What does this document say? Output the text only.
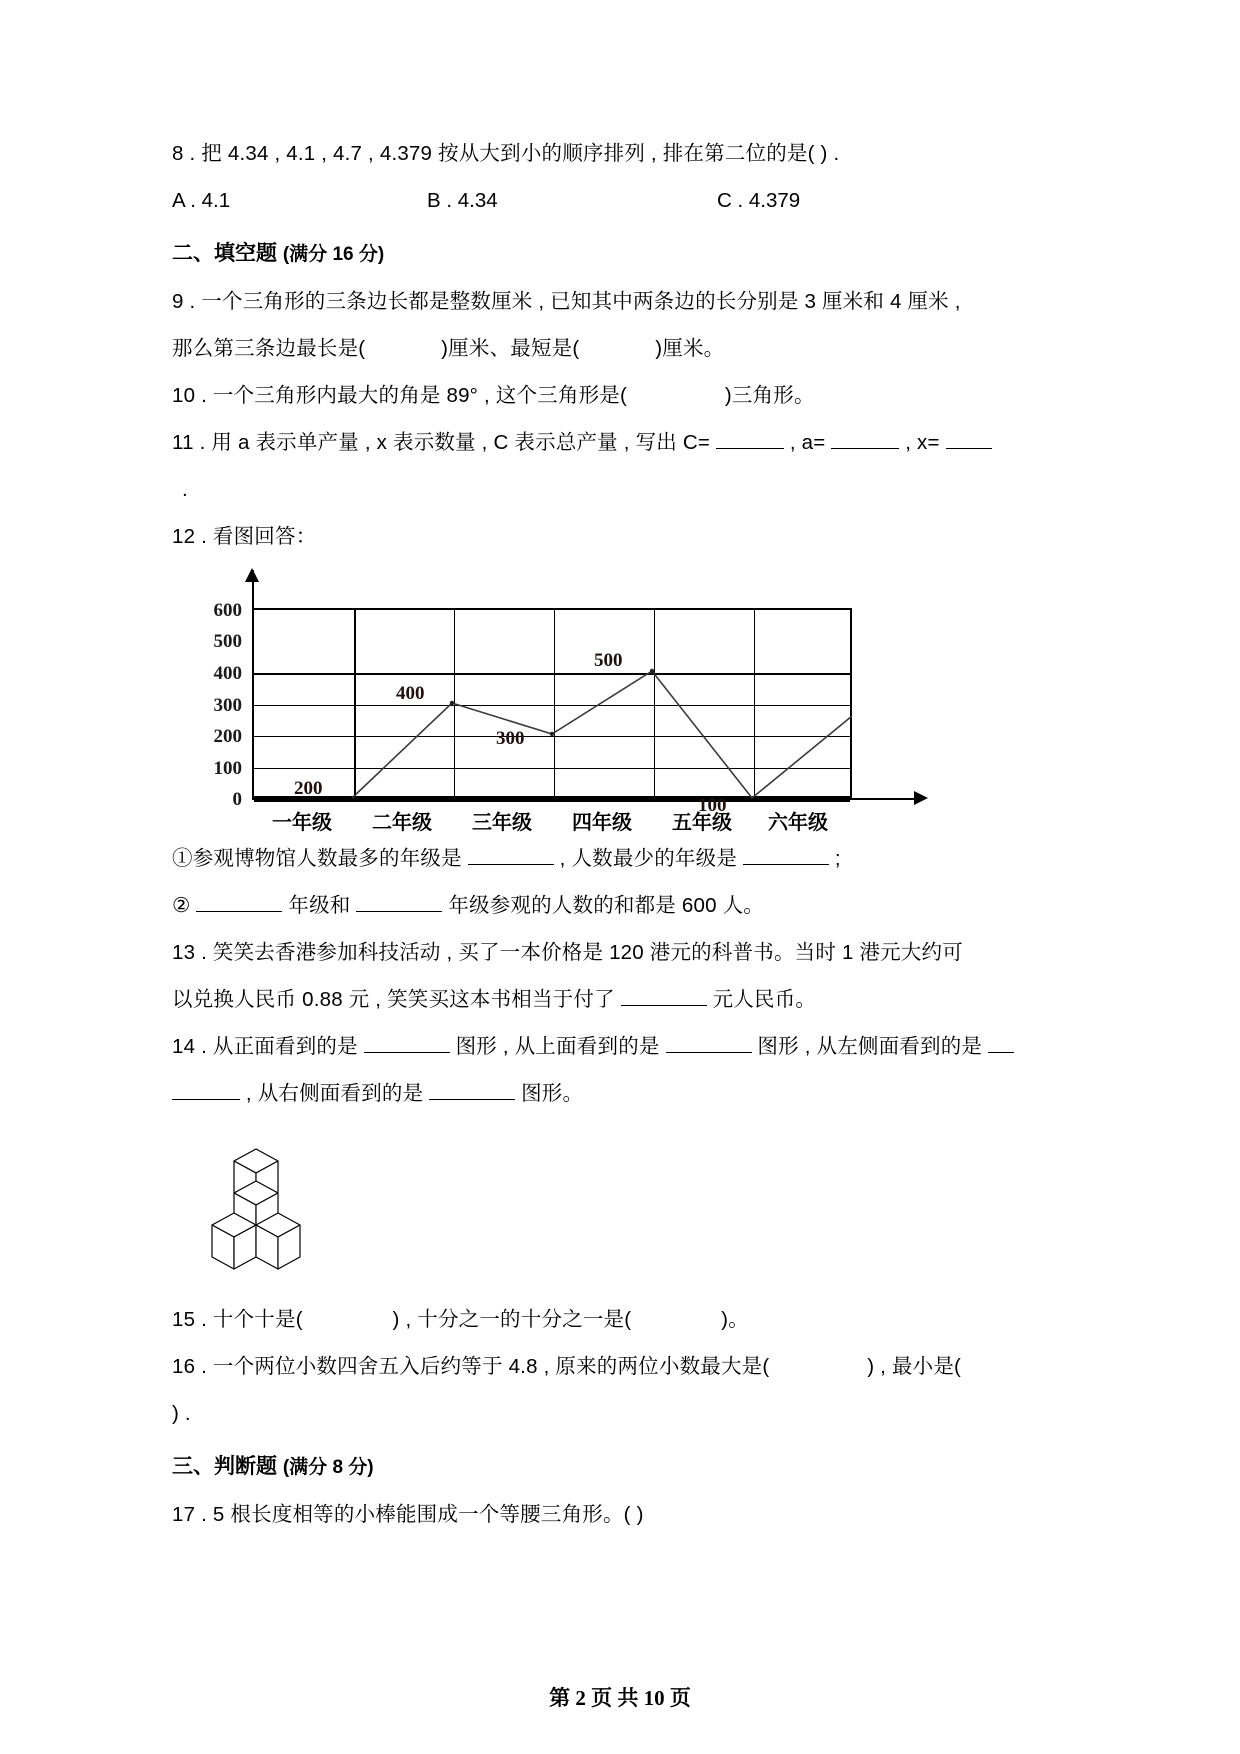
8 . 把 4.34 , 4.1 , 4.7 , 4.379 按从大到小的顺序排列 , 排在第二位的是( ) .
A . 4.1	B . 4.34	C . 4.379
二、填空题 (满分 16 分)
9 . 一个三角形的三条边长都是整数厘米 , 已知其中两条边的长分别是 3 厘米和 4 厘米 ,
那么第三条边最长是(	)厘米、最短是(	)厘米。
10 . 一个三角形内最大的角是 89° , 这个三角形是(	)三角形。
11 . 用 a 表示单产量 , x 表示数量 , C 表示总产量 , 写出 C=	, a=	, x=
.
12 . 看图回答：
600
500
400
300
200
100
0
200
400
300
500
100
一年级	二年级	三年级	四年级	五年级	六年级
①参观博物馆人数最多的年级是	, 人数最少的年级是	;
②	年级和	年级参观的人数的和都是 600 人。
13 . 笑笑去香港参加科技活动 , 买了一本价格是 120 港元的科普书。当时 1 港元大约可
以兑换人民币 0.88 元 , 笑笑买这本书相当于付了	元人民币。
14 . 从正面看到的是	图形 , 从上面看到的是	图形 , 从左侧面看到的是
, 从右侧面看到的是	图形。
15 . 十个十是(	) , 十分之一的十分之一是(	)。
16 . 一个两位小数四舍五入后约等于 4.8 , 原来的两位小数最大是(	) , 最小是(
) .
三、判断题 (满分 8 分)
17 . 5 根长度相等的小棒能围成一个等腰三角形。( )
第 2 页 共 10 页
